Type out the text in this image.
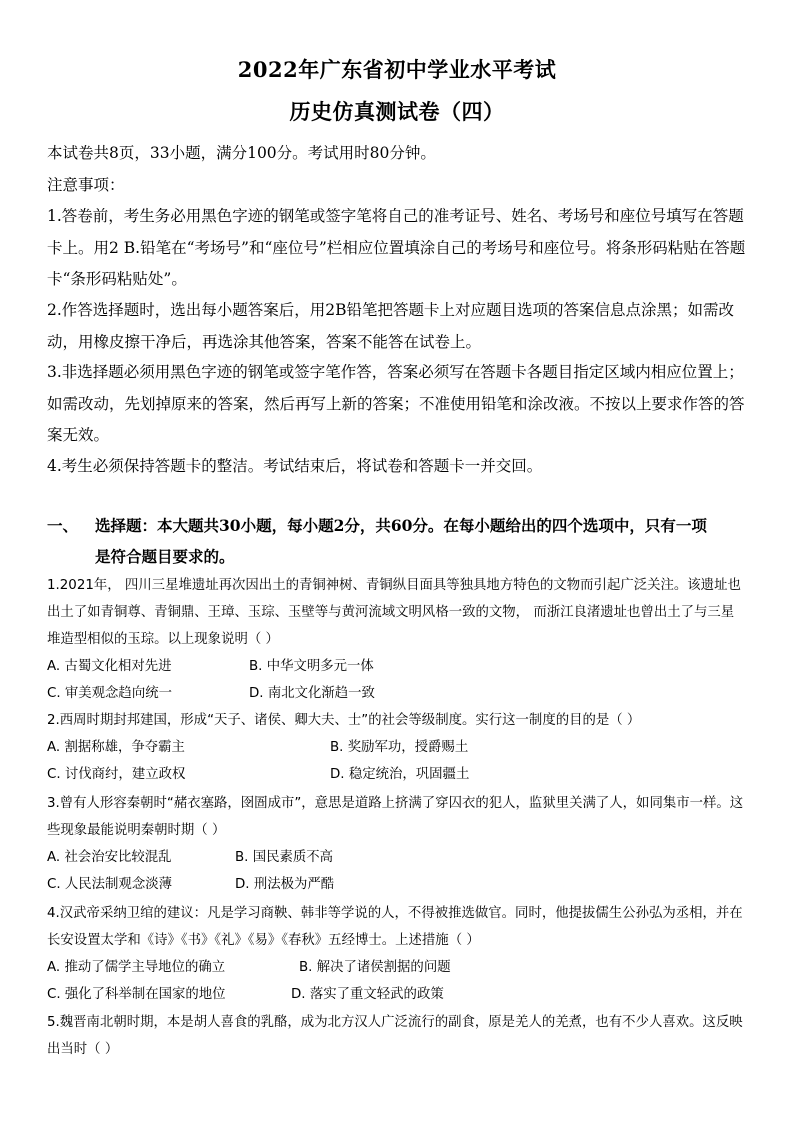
2022年广东省初中学业水平考试
历史仿真测试卷（四）

本试卷共8页，33小题，满分100分。考试用时80分钟。

注意事项：

1.答卷前，考生务必用黑色字迹的钢笔或签字笔将自己的准考证号、姓名、考场号和座位号填写在答题卡上。用2 B.铅笔在“考场号”和“座位号”栏相应位置填涂自己的考场号和座位号。将条形码粘贴在答题卡“条形码粘贴处”。

2.作答选择题时，选出每小题答案后，用2B铅笔把答题卡上对应题目选项的答案信息点涂黑；如需改动，用橡皮擦干净后，再选涂其他答案，答案不能答在试卷上。

3.非选择题必须用黑色字迹的钢笔或签字笔作答，答案必须写在答题卡各题目指定区域内相应位置上；如需改动，先划掉原来的答案，然后再写上新的答案；不准使用铅笔和涂改液。不按以上要求作答的答案无效。

4.考生必须保持答题卡的整洁。考试结束后，将试卷和答题卡一并交回。

一、 选择题：本大题共30小题，每小题2分，共60分。在每小题给出的四个选项中，只有一项
是符合题目要求的。

1.2021年， 四川三星堆遗址再次因出土的青铜神树、青铜纵目面具等独具地方特色的文物而引起广泛关注。该遗址也出土了如青铜尊、青铜鼎、王璋、玉琮、玉壁等与黄河流域文明风格一致的文物， 而浙江良渚遗址也曾出土了与三星堆造型相似的玉琮。以上现象说明（ ）

A. 古蜀文化相对先进	B. 中华文明多元一体
C. 审美观念趋向统一	D. 南北文化渐趋一致

2.西周时期封邦建国，形成“天子、诸侯、卿大夫、士”的社会等级制度。实行这一制度的目的是（ ）

A. 割据称雄，争夺霸主	B. 奖励军功，授爵赐土
C. 讨伐商纣，建立政权	D. 稳定统治，巩固疆土

3.曾有人形容秦朝时“赭衣塞路，囹圄成市”，意思是道路上挤满了穿囚衣的犯人，监狱里关满了人，如同集市一样。这些现象最能说明秦朝时期（ ）

A. 社会治安比较混乱	B. 国民素质不高
C. 人民法制观念淡薄	D. 刑法极为严酷

4.汉武帝采纳卫绾的建议：凡是学习商鞅、韩非等学说的人，不得被推选做官。同时，他提拔儒生公孙弘为丞相，并在长安设置太学和《诗》《书》《礼》《易》《春秋》五经博士。上述措施（ ）

A. 推动了儒学主导地位的确立	B. 解决了诸侯割据的问题
C. 强化了科举制在国家的地位	D. 落实了重文轻武的政策

5.魏晋南北朝时期，本是胡人喜食的乳酪，成为北方汉人广泛流行的副食，原是羌人的羌煮，也有不少人喜欢。这反映出当时（ ）
